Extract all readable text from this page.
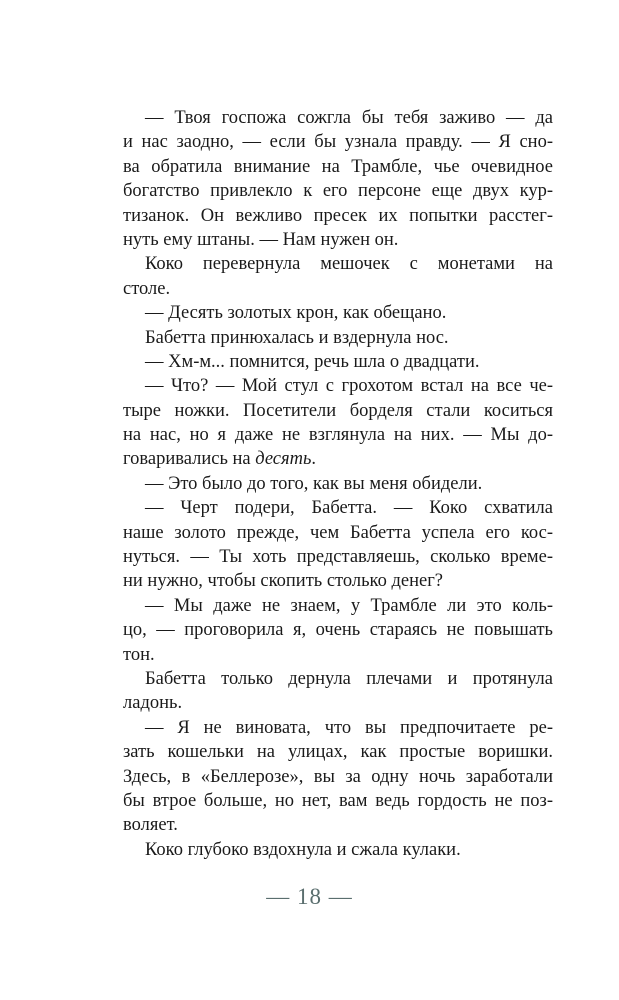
— Твоя госпожа сожгла бы тебя заживо — да
и нас заодно, — если бы узнала правду. — Я сно-
ва обратила внимание на Трамбле, чье очевидное
богатство привлекло к его персоне еще двух кур-
тизанок. Он вежливо пресек их попытки расстег-
нуть ему штаны. — Нам нужен он.
Коко перевернула мешочек с монетами на
столе.
— Десять золотых крон, как обещано.
Бабетта принюхалась и вздернула нос.
— Хм-м... помнится, речь шла о двадцати.
— Что? — Мой стул с грохотом встал на все че-
тыре ножки. Посетители борделя стали коситься
на нас, но я даже не взглянула на них. — Мы до-
говаривались на десять.
— Это было до того, как вы меня обидели.
— Черт подери, Бабетта. — Коко схватила
наше золото прежде, чем Бабетта успела его кос-
нуться. — Ты хоть представляешь, сколько време-
ни нужно, чтобы скопить столько денег?
— Мы даже не знаем, у Трамбле ли это коль-
цо, — проговорила я, очень стараясь не повышать
тон.
Бабетта только дернула плечами и протянула
ладонь.
— Я не виновата, что вы предпочитаете ре-
зать кошельки на улицах, как простые воришки.
Здесь, в «Беллерозе», вы за одну ночь заработали
бы втрое больше, но нет, вам ведь гордость не поз-
воляет.
Коко глубоко вздохнула и сжала кулаки.
— 18 —
